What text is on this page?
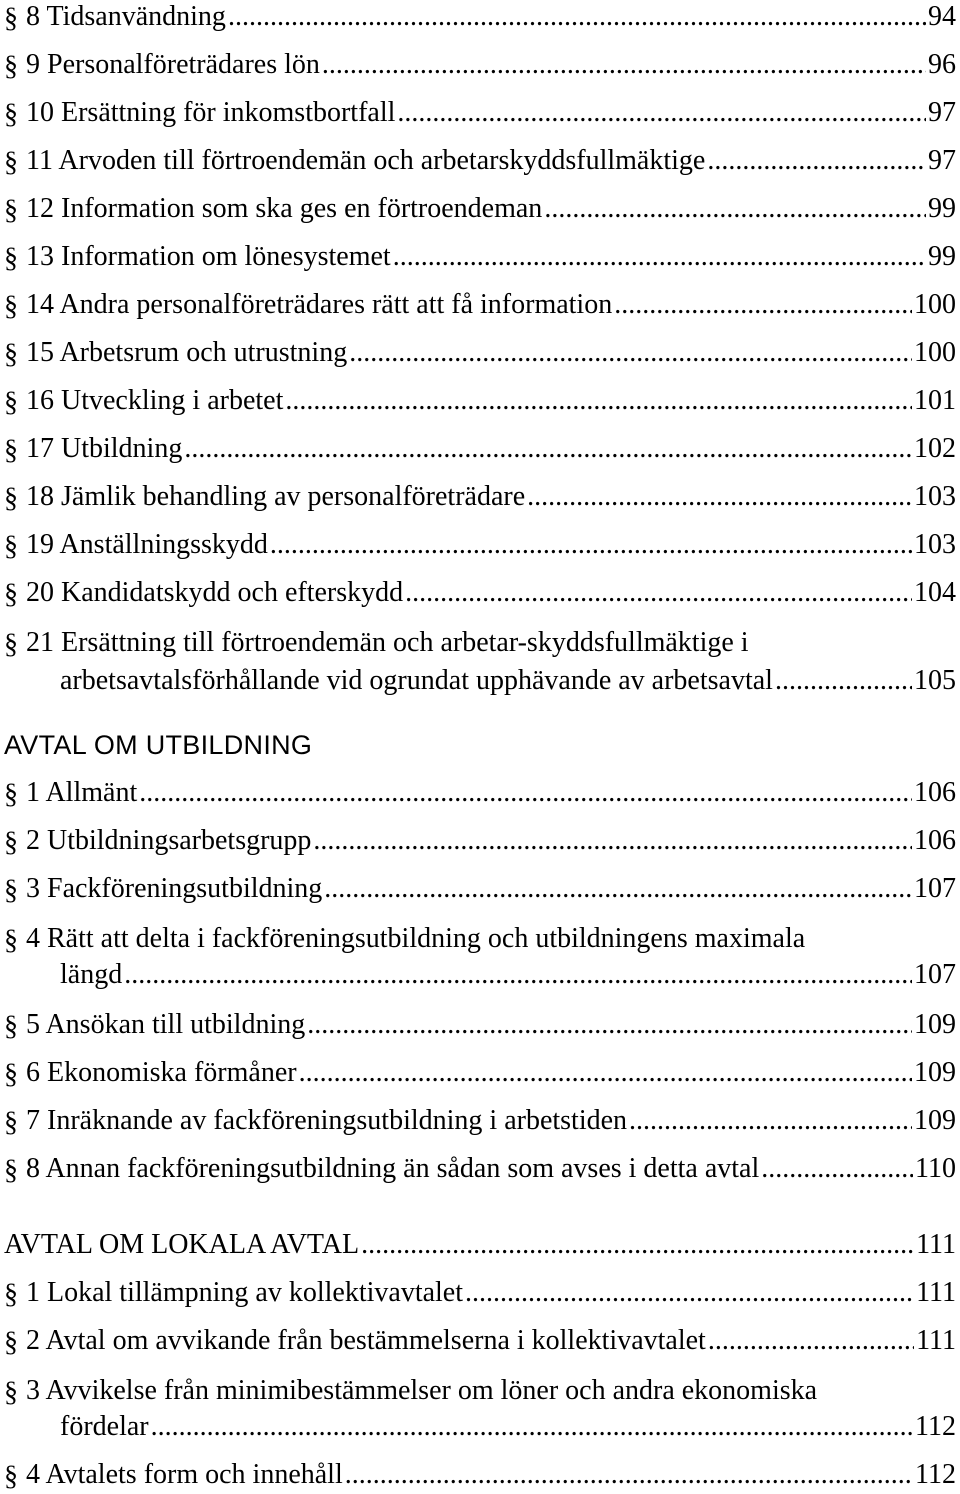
§ 8 Tidsanvändning .....	94
§ 9 Personalföreträdares lön .....	96
§ 10 Ersättning för inkomstbortfall .....	97
§ 11 Arvoden till förtroendemän och arbetarskyddsfullmäktige .....	97
§ 12 Information som ska ges en förtroendeman .....	99
§ 13 Information om lönesystemet .....	99
§ 14 Andra personalföreträdares rätt att få information .....	100
§ 15 Arbetsrum och utrustning .....	100
§ 16 Utveckling i arbetet .....	101
§ 17 Utbildning .....	102
§ 18 Jämlik behandling av personalföreträdare .....	103
§ 19 Anställningsskydd .....	103
§ 20 Kandidatskydd och efterskydd .....	104
§ 21 Ersättning till förtroendemän och arbetar-skyddsfullmäktige i
arbetsavtalsförhållande vid ogrundat upphävande av arbetsavtal .....	105
AVTAL OM UTBILDNING
§ 1 Allmänt .....	106
§ 2 Utbildningsarbetsgrupp .....	106
§ 3 Fackföreningsutbildning .....	107
§ 4 Rätt att delta i fackföreningsutbildning och utbildningens maximala
längd .....	107
§ 5 Ansökan till utbildning .....	109
§ 6 Ekonomiska förmåner .....	109
§ 7 Inräknande av fackföreningsutbildning i arbetstiden .....	109
§ 8 Annan fackföreningsutbildning än sådan som avses i detta avtal .....	110
AVTAL OM LOKALA AVTAL .....	111
§ 1 Lokal tillämpning av kollektivavtalet .....	111
§ 2 Avtal om avvikande från bestämmelserna i kollektivavtalet .....	111
§ 3 Avvikelse från minimibestämmelser om löner och andra ekonomiska
fördelar .....	112
§ 4 Avtalets form och innehåll .....	112
